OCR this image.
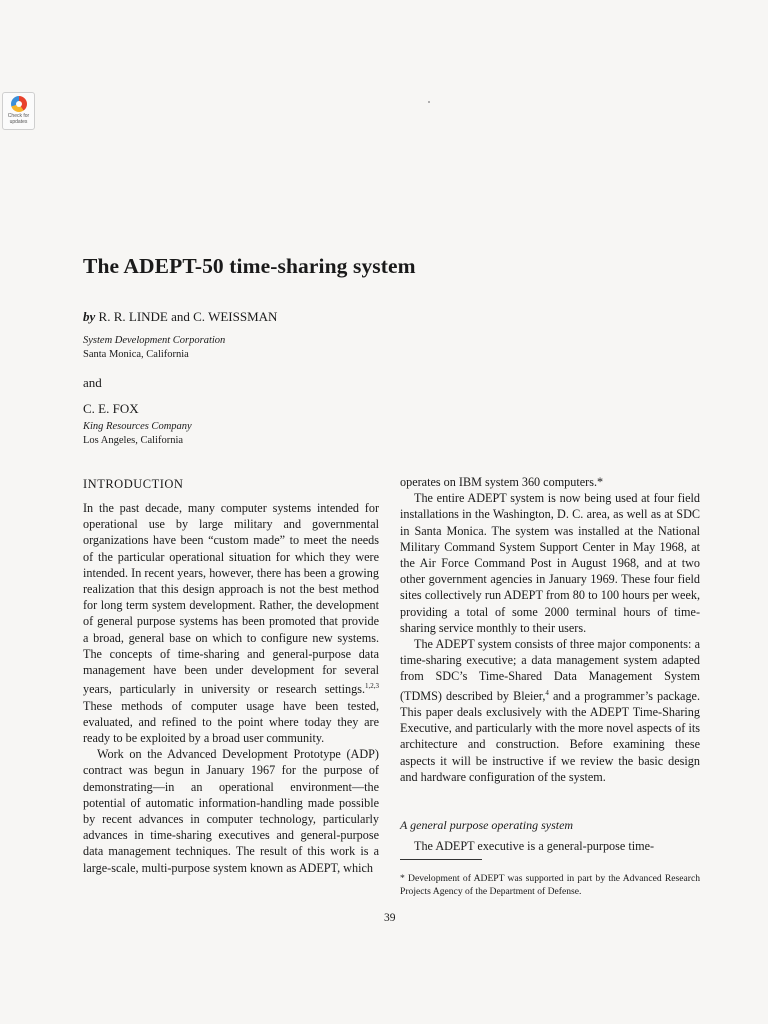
Check for updates
The ADEPT-50 time-sharing system
by R. R. LINDE and C. WEISSMAN
System Development Corporation
Santa Monica, California
and
C. E. FOX
King Resources Company
Los Angeles, California
INTRODUCTION

In the past decade, many computer systems intended for operational use by large military and governmental organizations have been “custom made” to meet the needs of the particular operational situation for which they were intended. In recent years, however, there has been a growing realization that this design approach is not the best method for long term system development. Rather, the development of general purpose systems has been promoted that provide a broad, general base on which to configure new systems. The concepts of time-sharing and general-purpose data management have been under development for several years, particularly in university or research settings.$^{1,2,3}$ These methods of computer usage have been tested, evaluated, and refined to the point where today they are ready to be exploited by a broad user community.

Work on the Advanced Development Prototype (ADP) contract was begun in January 1967 for the purpose of demonstrating—in an operational environment—the potential of automatic information-handling made possible by recent advances in computer technology, particularly advances in time-sharing executives and general-purpose data management techniques. The result of this work is a large-scale, multi-purpose system known as ADEPT, which

operates on IBM system 360 computers.*

The entire ADEPT system is now being used at four field installations in the Washington, D. C. area, as well as at SDC in Santa Monica. The system was installed at the National Military Command System Support Center in May 1968, at the Air Force Command Post in August 1968, and at two other government agencies in January 1969. These four field sites collectively run ADEPT from 80 to 100 hours per week, providing a total of some 2000 terminal hours of time-sharing service monthly to their users.

The ADEPT system consists of three major components: a time-sharing executive; a data management system adapted from SDC’s Time-Shared Data Management System (TDMS) described by Bleier,$^4$ and a programmer’s package. This paper deals exclusively with the ADEPT Time-Sharing Executive, and particularly with the more novel aspects of its architecture and construction. Before examining these aspects it will be instructive if we review the basic design and hardware configuration of the system.

A general purpose operating system
The ADEPT executive is a general-purpose time-
* Development of ADEPT was supported in part by the Advanced Research Projects Agency of the Department of Defense.
39
